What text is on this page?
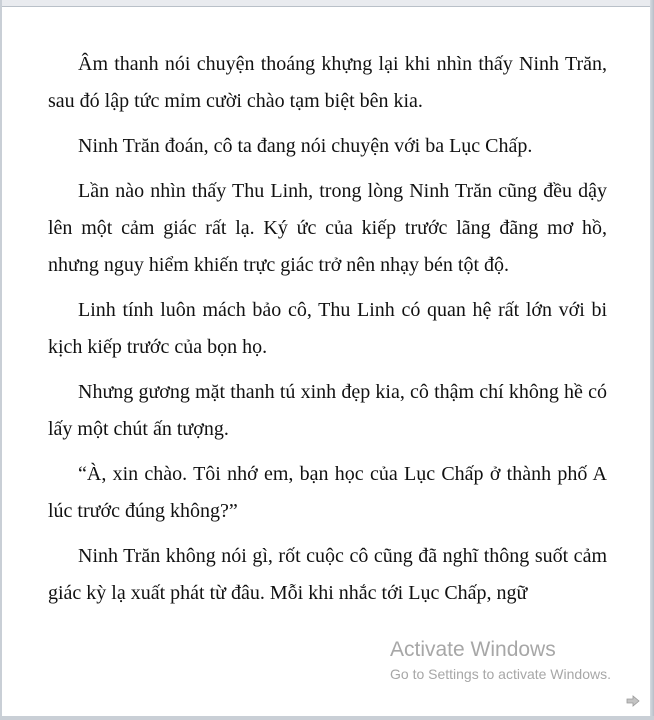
Âm thanh nói chuyện thoáng khựng lại khi nhìn thấy Ninh Trăn, sau đó lập tức mỉm cười chào tạm biệt bên kia.

Ninh Trăn đoán, cô ta đang nói chuyện với ba Lục Chấp.

Lần nào nhìn thấy Thu Linh, trong lòng Ninh Trăn cũng đều dậy lên một cảm giác rất lạ. Ký ức của kiếp trước lãng đãng mơ hồ, nhưng nguy hiểm khiến trực giác trở nên nhạy bén tột độ.

Linh tính luôn mách bảo cô, Thu Linh có quan hệ rất lớn với bi kịch kiếp trước của bọn họ.

Nhưng gương mặt thanh tú xinh đẹp kia, cô thậm chí không hề có lấy một chút ấn tượng.

“À, xin chào. Tôi nhớ em, bạn học của Lục Chấp ở thành phố A lúc trước đúng không?”

Ninh Trăn không nói gì, rốt cuộc cô cũng đã nghĩ thông suốt cảm giác kỳ lạ xuất phát từ đâu. Mỗi khi nhắc tới Lục Chấp, ngữ

Activate Windows
Go to Settings to activate Windows.
